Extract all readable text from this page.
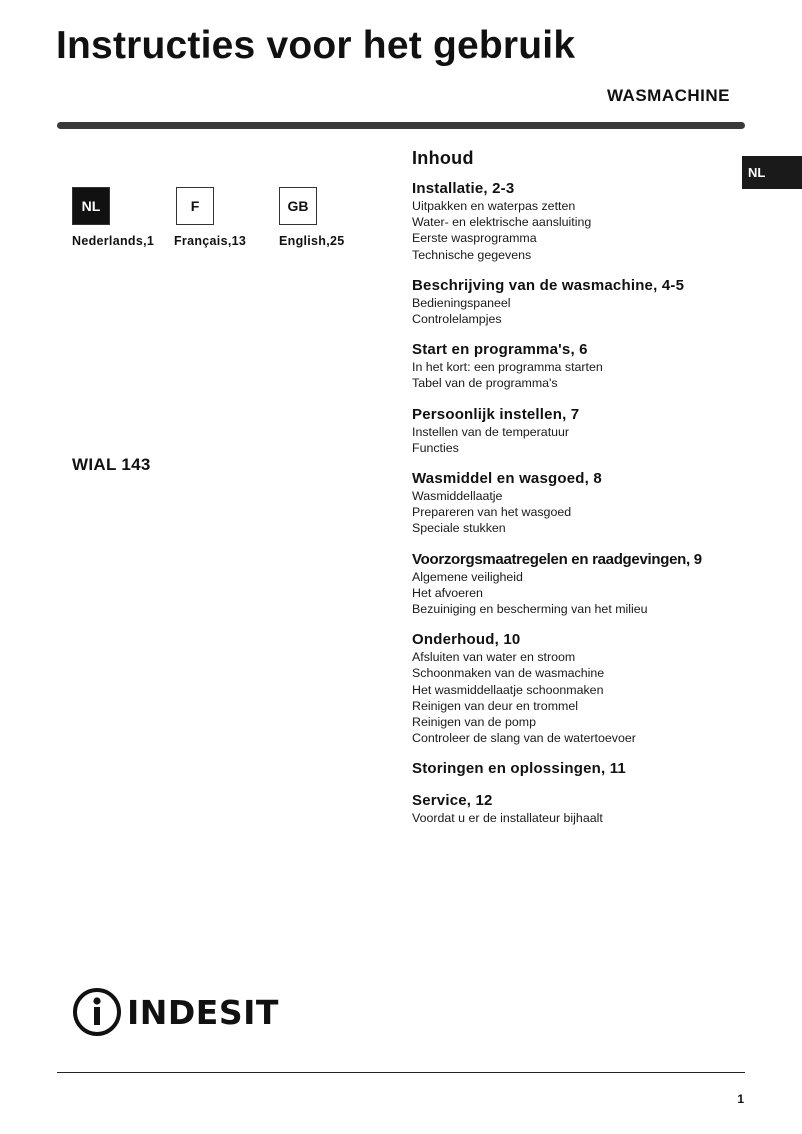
Instructies voor het gebruik
WASMACHINE
NL
NL	F	GB
Nederlands,1 Français,13	English,25
WIAL 143
Inhoud
Installatie, 2-3
Uitpakken en waterpas zetten
Water- en elektrische aansluiting
Eerste wasprogramma
Technische gegevens
Beschrijving van de wasmachine, 4-5
Bedieningspaneel
Controlelampjes
Start en programma's, 6
In het kort: een programma starten
Tabel van de programma's
Persoonlijk instellen, 7
Instellen van de temperatuur
Functies
Wasmiddel en wasgoed, 8
Wasmiddellaatje
Prepareren van het wasgoed
Speciale stukken
Voorzorgsmaatregelen en raadgevingen, 9
Algemene veiligheid
Het afvoeren
Bezuiniging en bescherming van het milieu
Onderhoud, 10
Afsluiten van water en stroom
Schoonmaken van de wasmachine
Het wasmiddellaatje schoonmaken
Reinigen van deur en trommel
Reinigen van de pomp
Controleer de slang van de watertoevoer
Storingen en oplossingen, 11
Service, 12
Voordat u er de installateur bijhaalt
INDESIT
1
